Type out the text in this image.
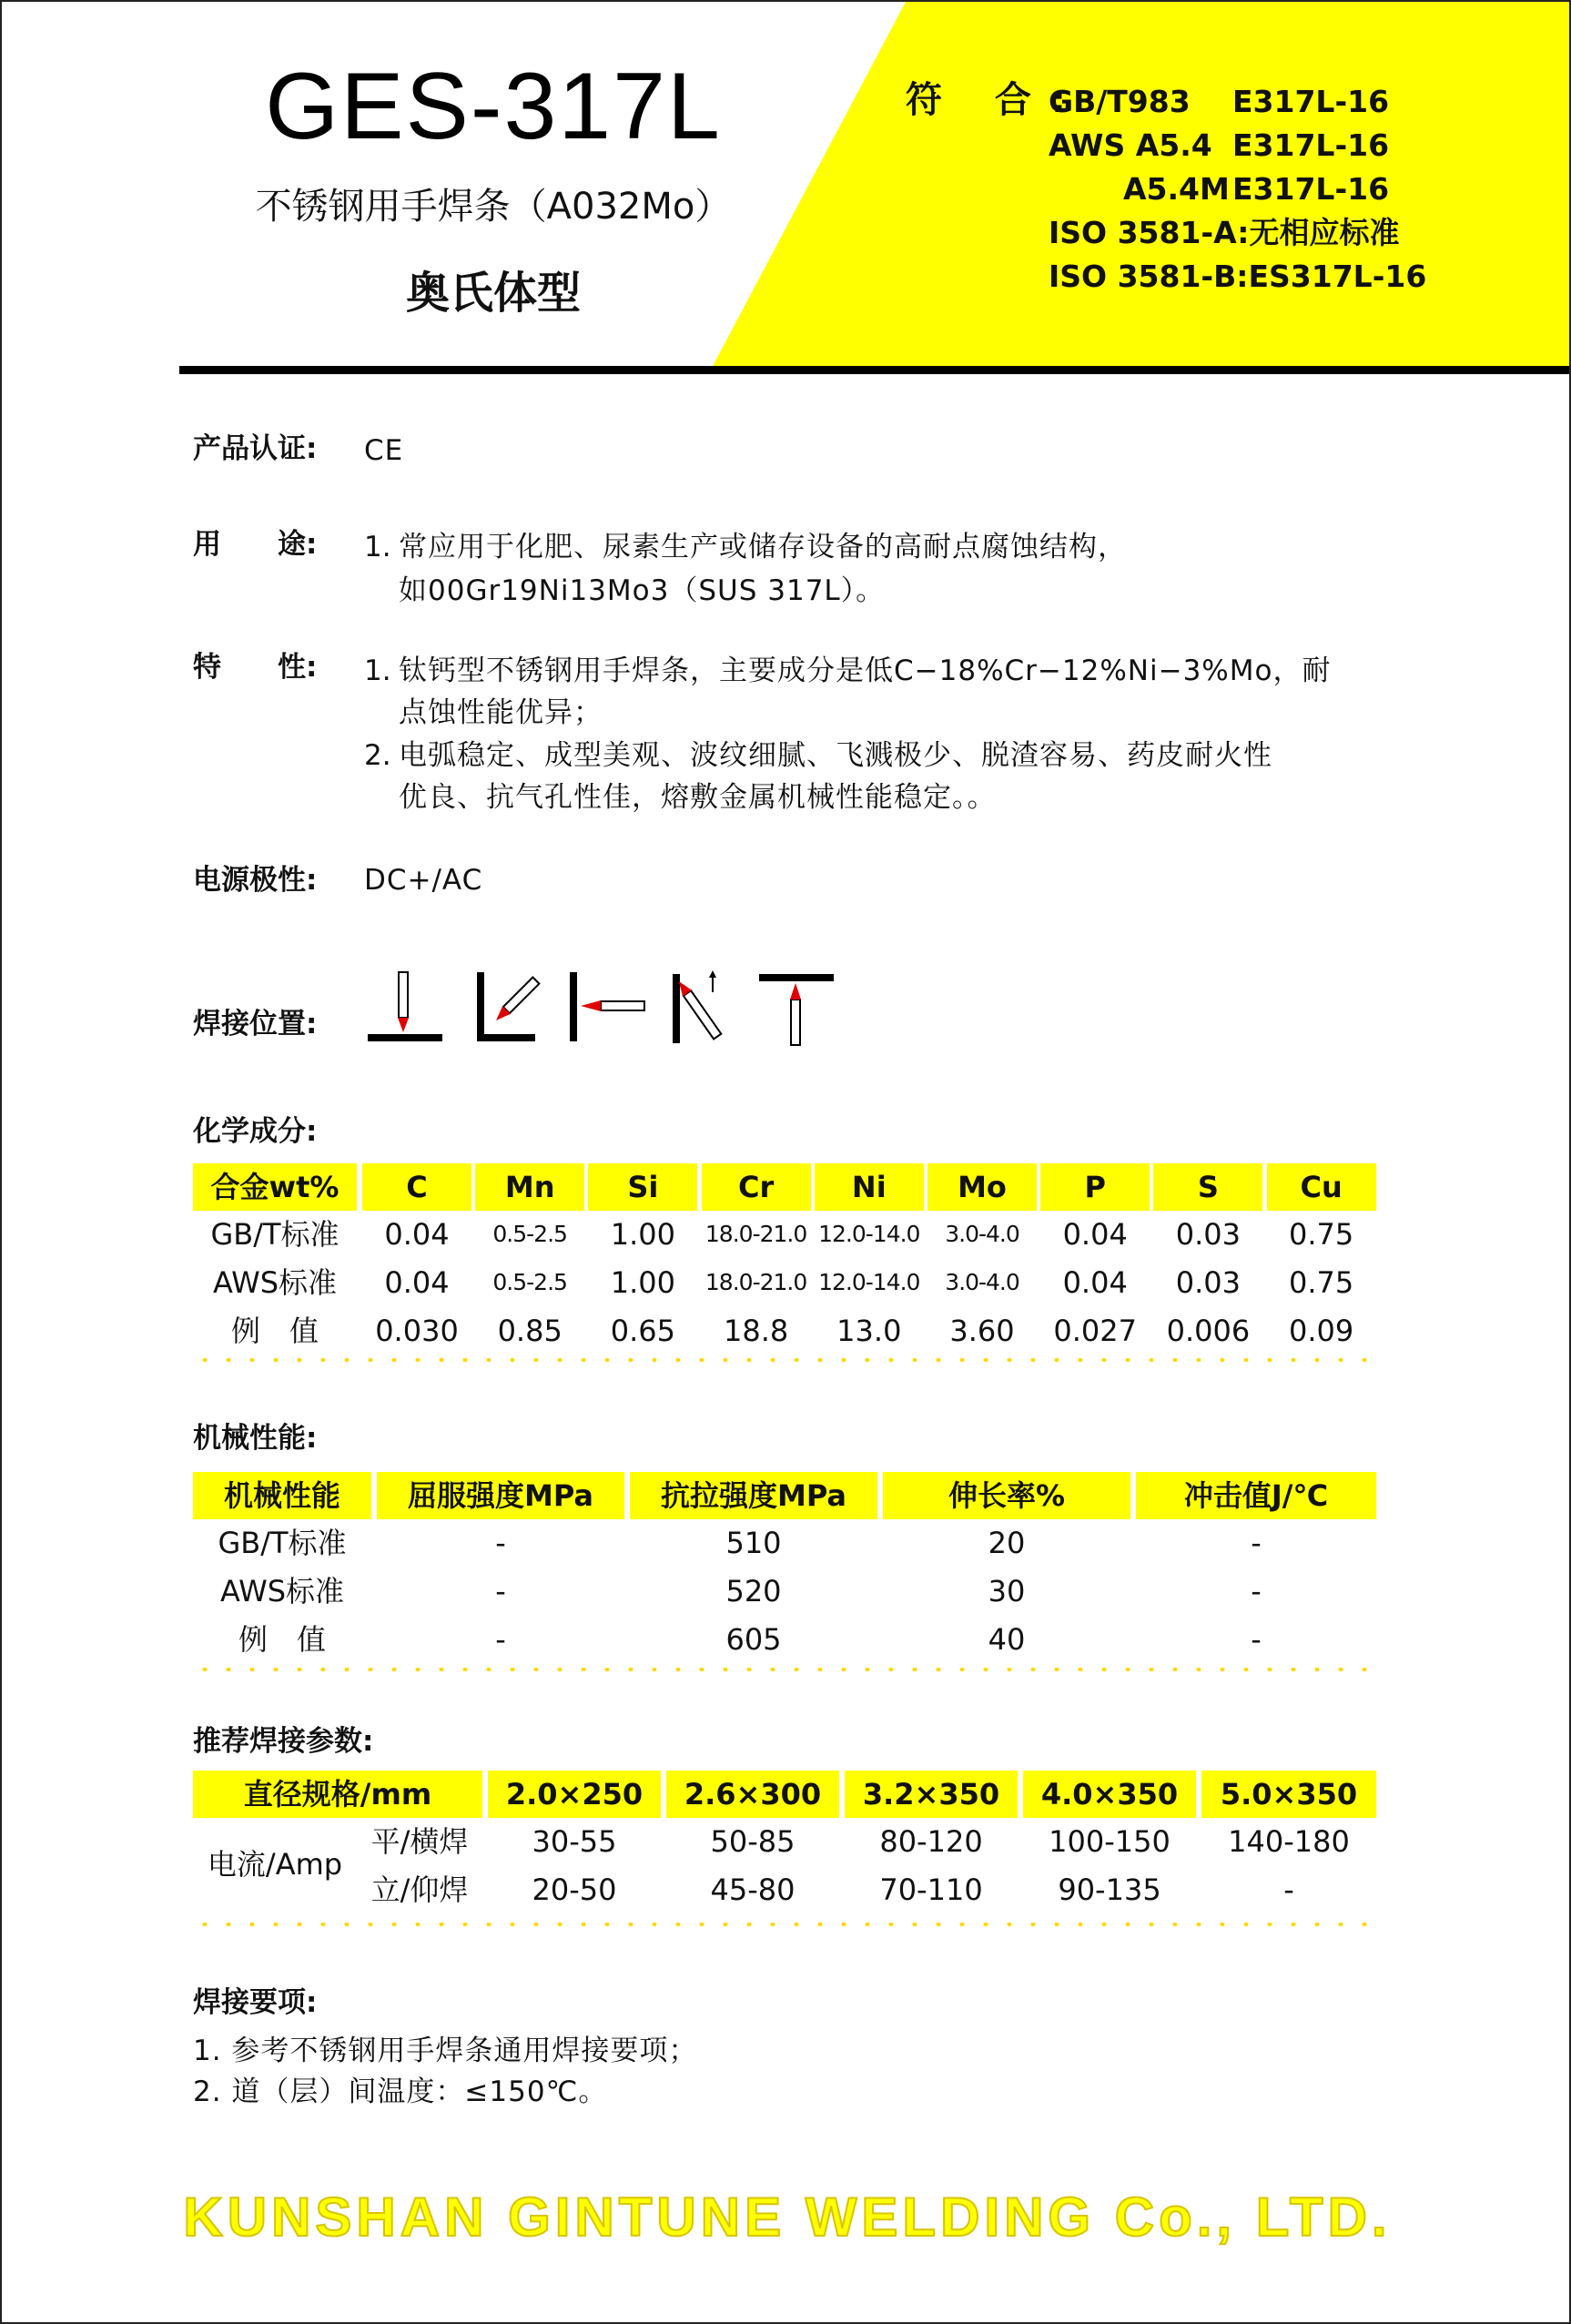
GES-317L
不锈钢用手焊条（A032Mo）
奥氏体型
符 合:
GB/T983 E317L-16
AWS A5.4 E317L-16
A5.4M E317L-16
ISO 3581-A:无相应标准
ISO 3581-B:ES317L-16
产品认证: CE
用　　途: 1. 常应用于化肥、尿素生产或储存设备的高耐点腐蚀结构，
如00Gr19Ni13Mo3（SUS 317L）。
特　　性: 1. 钛钙型不锈钢用手焊条，主要成分是低C−18%Cr−12%Ni−3%Mo，耐
点蚀性能优异；
2. 电弧稳定、成型美观、波纹细腻、飞溅极少、脱渣容易、药皮耐火性
优良、抗气孔性佳，熔敷金属机械性能稳定。。
电源极性: DC+/AC
焊接位置:
化学成分:
合金wt%	C	Mn	Si	Cr	Ni	Mo	P	S	Cu
GB/T标准	0.04	0.5-2.5	1.00	18.0-21.0 12.0-14.0	3.0-4.0	0.04	0.03	0.75
AWS标准	0.04	0.5-2.5	1.00	18.0-21.0 12.0-14.0	3.0-4.0	0.04	0.03	0.75
例　值	0.030	0.85	0.65	18.8	13.0	3.60	0.027	0.006	0.09
机械性能:
机械性能	屈服强度MPa	抗拉强度MPa	伸长率%	冲击值J/℃
GB/T标准	-	510	20	-
AWS标准	-	520	30	-
例　值	-	605	40	-
推荐焊接参数:
直径规格/mm	2.0×250	2.6×300	3.2×350	4.0×350	5.0×350
电流/Amp
平/横焊	30-55	50-85	80-120	100-150	140-180
立/仰焊	20-50	45-80	70-110	90-135	-
焊接要项:
1. 参考不锈钢用手焊条通用焊接要项；
2. 道（层）间温度：≤150℃。
KUNSHAN GINTUNE WELDING Co., LTD.
